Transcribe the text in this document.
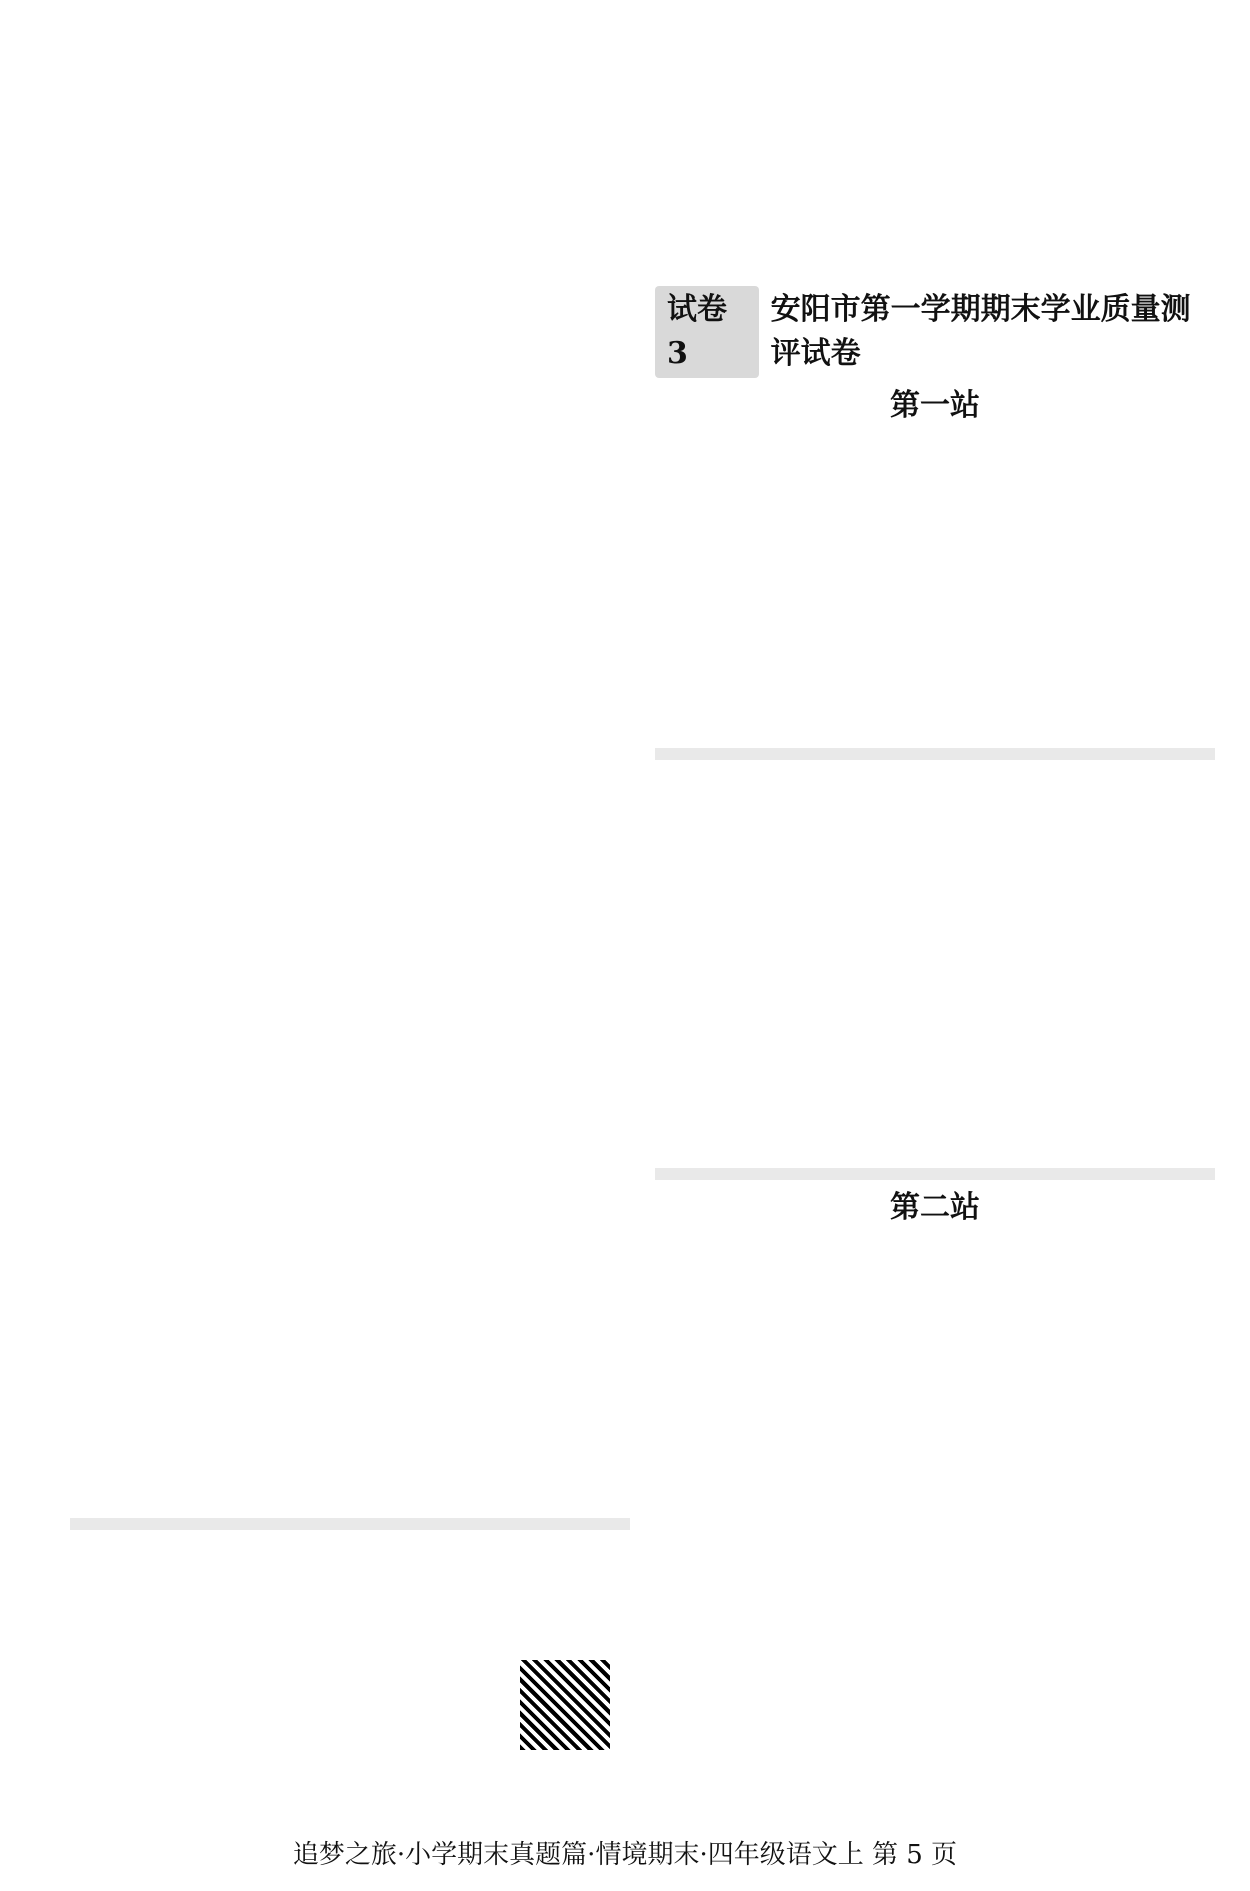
试卷 3
安阳市第一学期期末学业质量测评试卷
第一站
第二站
追梦之旅·小学期末真题篇·情境期末·四年级语文上 第 5 页
